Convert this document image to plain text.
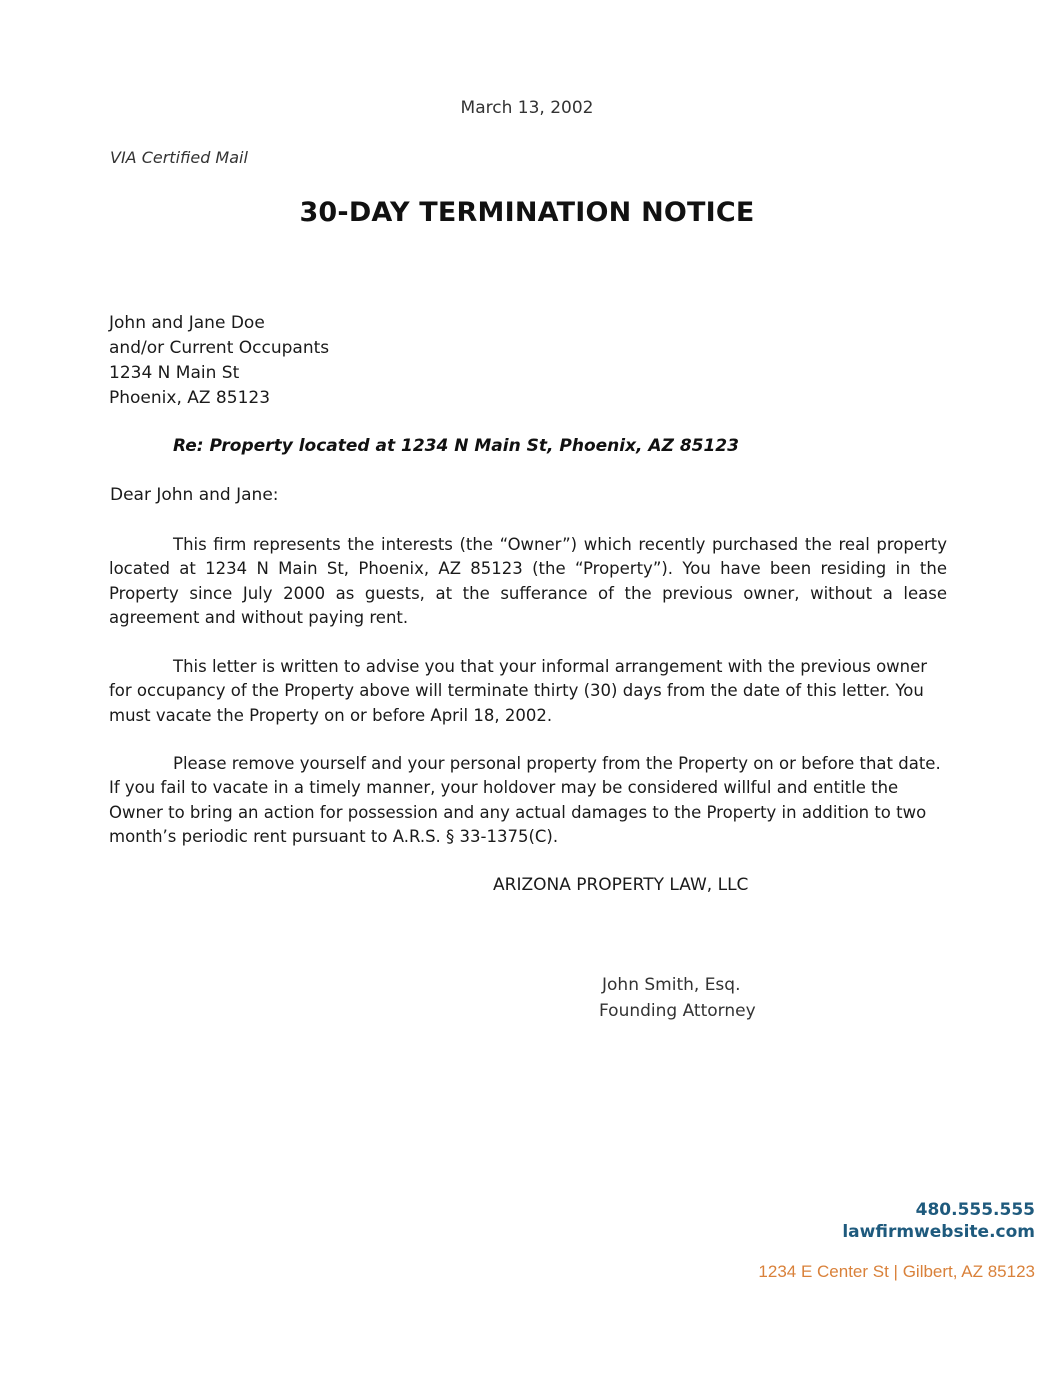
March 13, 2002
VIA Certified Mail
30-DAY TERMINATION NOTICE
John and Jane Doe
and/or Current Occupants
1234 N Main St
Phoenix, AZ 85123
Re: Property located at 1234 N Main St, Phoenix, AZ 85123
Dear John and Jane:
This firm represents the interests (the “Owner”) which recently purchased the real property located at 1234 N Main St, Phoenix, AZ 85123 (the “Property”). You have been residing in the Property since July 2000 as guests, at the sufferance of the previous owner, without a lease agreement and without paying rent.
This letter is written to advise you that your informal arrangement with the previous owner for occupancy of the Property above will terminate thirty (30) days from the date of this letter. You must vacate the Property on or before April 18, 2002.
Please remove yourself and your personal property from the Property on or before that date. If you fail to vacate in a timely manner, your holdover may be considered willful and entitle the Owner to bring an action for possession and any actual damages to the Property in addition to two month’s periodic rent pursuant to A.R.S. § 33-1375(C).
ARIZONA PROPERTY LAW, LLC
John Smith, Esq.
Founding Attorney
480.555.555
lawfirmwebsite.com
1234 E Center St | Gilbert, AZ 85123
